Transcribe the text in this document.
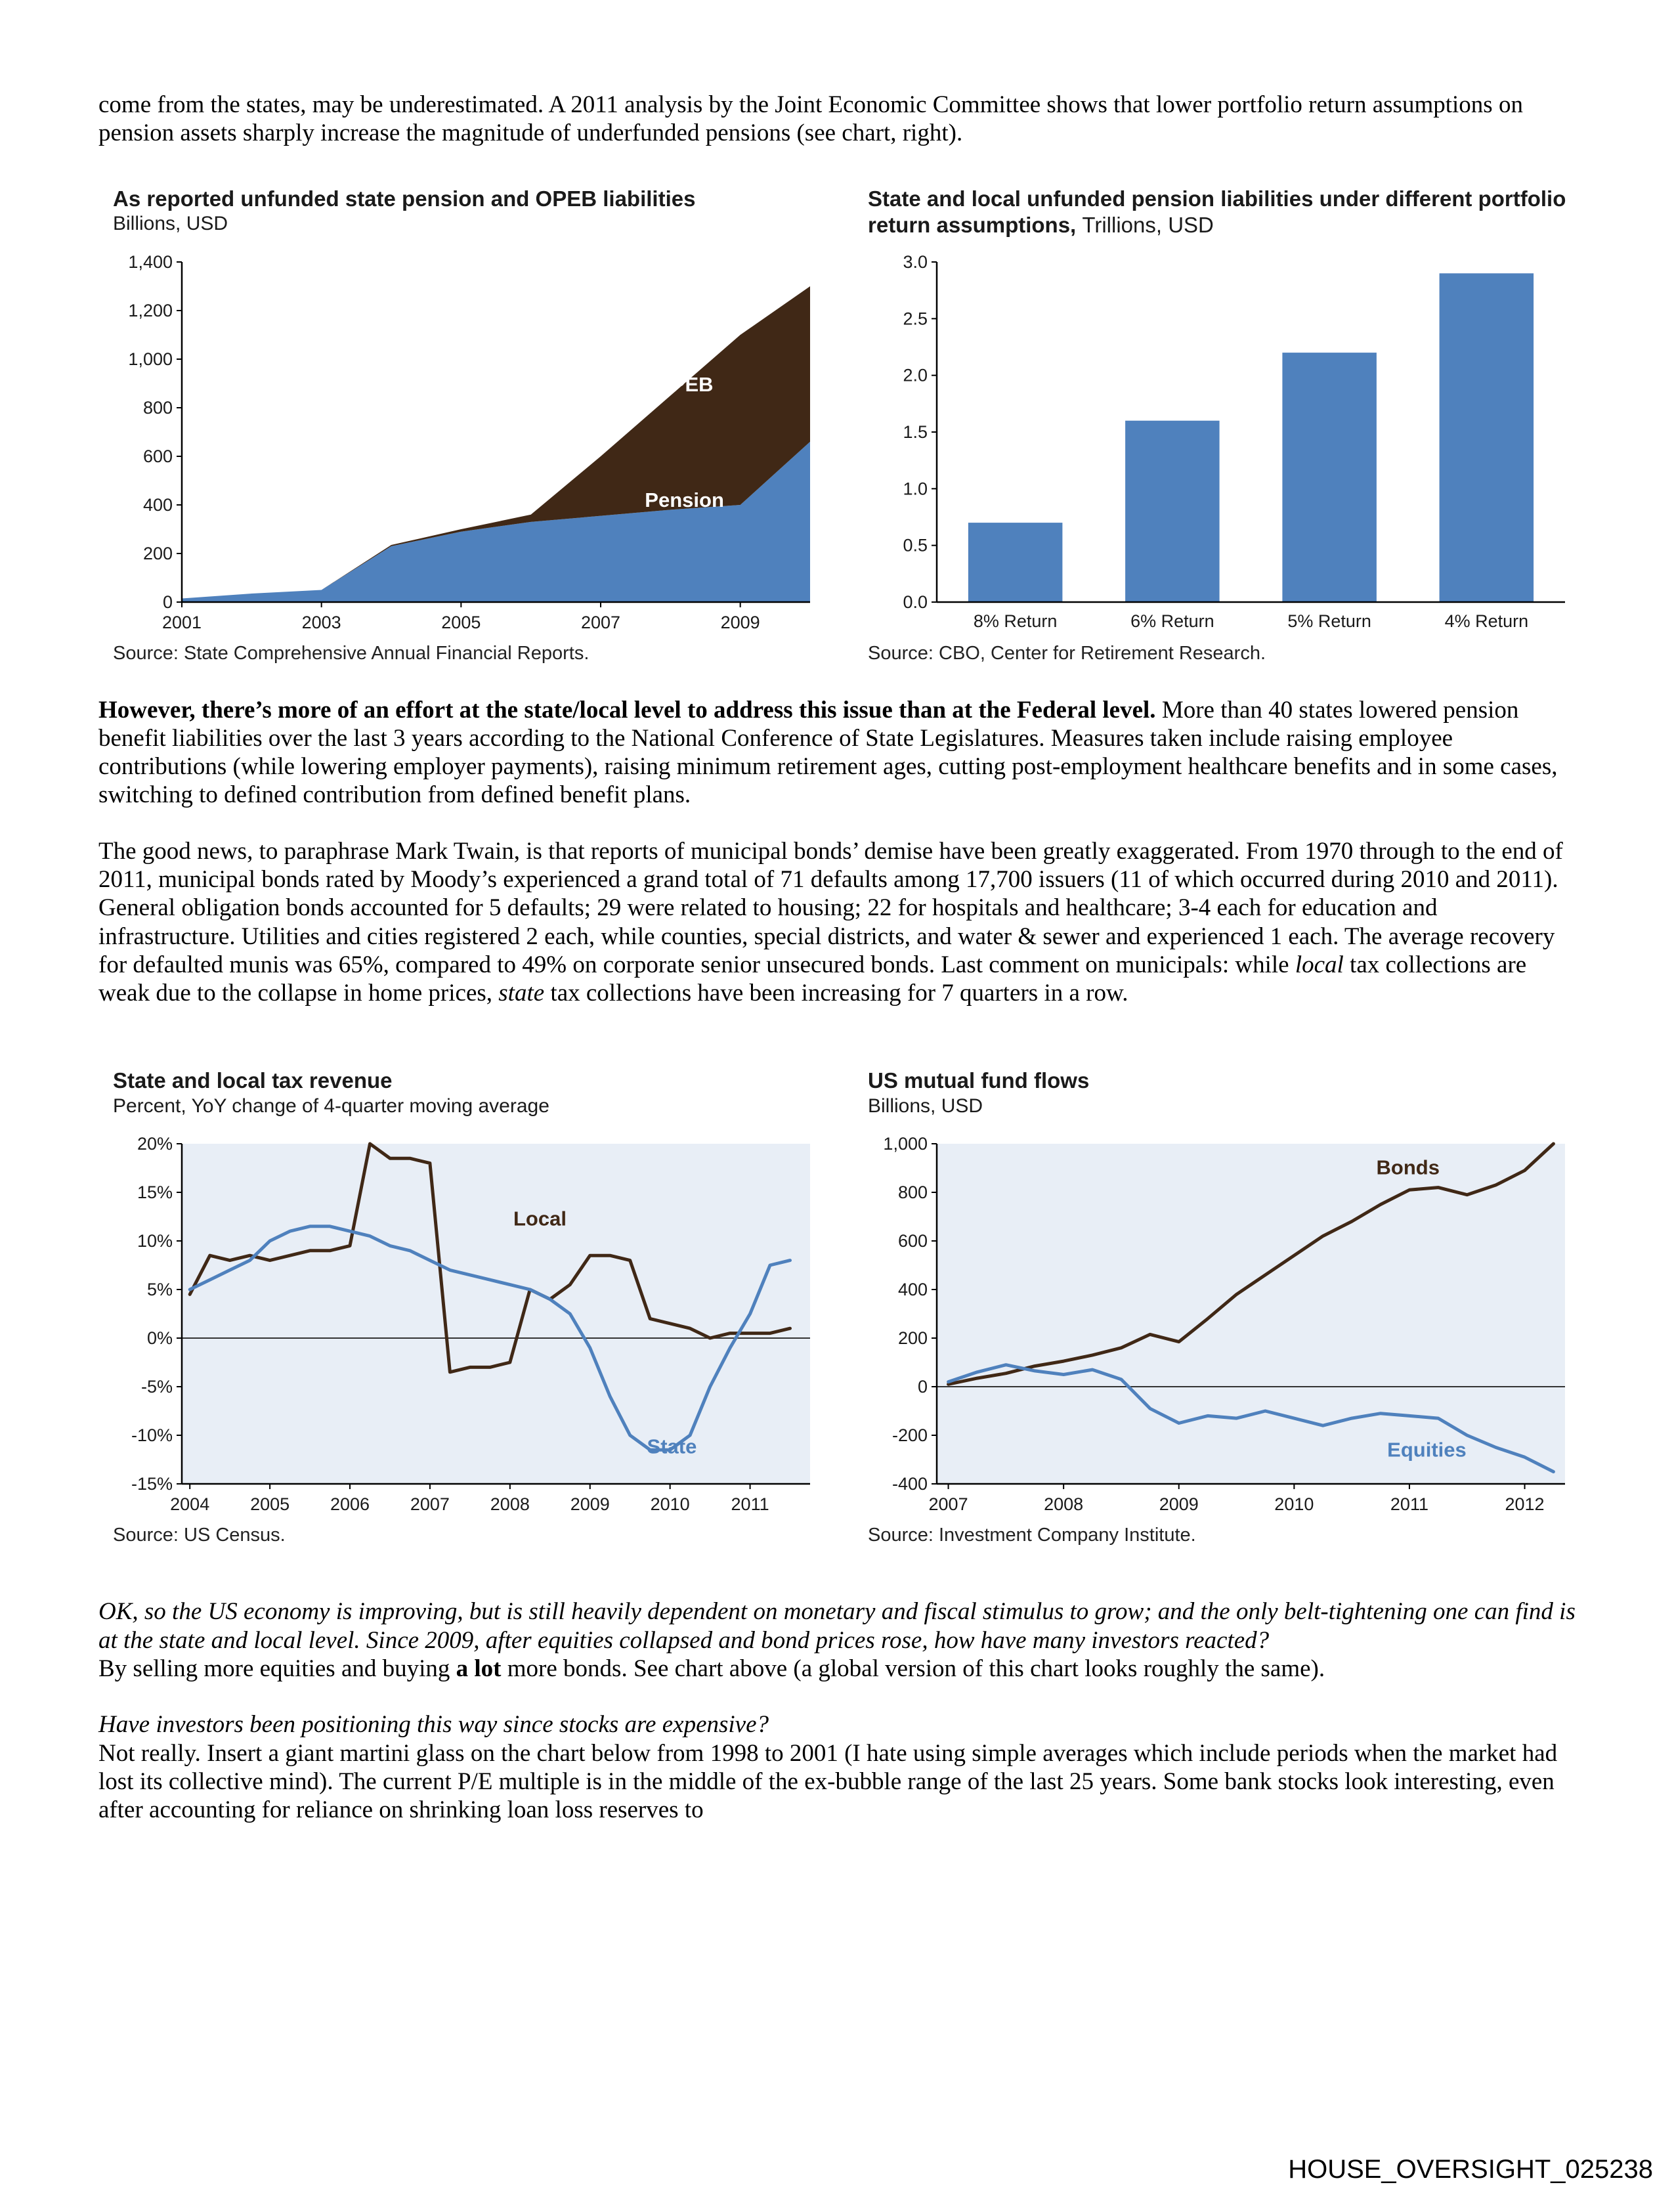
come from the states, may be underestimated. A 2011 analysis by the Joint Economic Committee shows that lower portfolio return assumptions on pension assets sharply increase the magnitude of underfunded pensions (see chart, right).

As reported unfunded state pension and OPEB liabilities
Billions, USD
0
200
400
600
800
1,000
1,200
1,400
2001	2003	2005	2007	2009
OPEB
Pension
Source: State Comprehensive Annual Financial Reports.
State and local unfunded pension liabilities under different portfolio return assumptions, Trillions, USD
0.0
0.5
1.0
1.5
2.0
2.5
3.0
8% Return	6% Return	5% Return	4% Return
Source: CBO, Center for Retirement Research.

However, there’s more of an effort at the state/local level to address this issue than at the Federal level. More than 40 states lowered pension benefit liabilities over the last 3 years according to the National Conference of State Legislatures. Measures taken include raising employee contributions (while lowering employer payments), raising minimum retirement ages, cutting post-employment healthcare benefits and in some cases, switching to defined contribution from defined benefit plans.

The good news, to paraphrase Mark Twain, is that reports of municipal bonds’ demise have been greatly exaggerated. From 1970 through to the end of 2011, municipal bonds rated by Moody’s experienced a grand total of 71 defaults among 17,700 issuers (11 of which occurred during 2010 and 2011). General obligation bonds accounted for 5 defaults; 29 were related to housing; 22 for hospitals and healthcare; 3-4 each for education and infrastructure. Utilities and cities registered 2 each, while counties, special districts, and water & sewer and experienced 1 each. The average recovery for defaulted munis was 65%, compared to 49% on corporate senior unsecured bonds. Last comment on municipals: while local tax collections are weak due to the collapse in home prices, state tax collections have been increasing for 7 quarters in a row.

State and local tax revenue
Percent, YoY change of 4-quarter moving average
-15%
-10%
-5%
0%
5%
10%
15%
20%
2004 2005 2006 2007 2008 2009 2010 2011
Local
State
Source: US Census.
US mutual fund flows
Billions, USD
-400
-200
0
200
400
600
800
1,000
2007	2008	2009	2010	2011	2012
Bonds
Equities
Source: Investment Company Institute.

OK, so the US economy is improving, but is still heavily dependent on monetary and fiscal stimulus to grow; and the only belt-tightening one can find is at the state and local level. Since 2009, after equities collapsed and bond prices rose, how have many investors reacted?

By selling more equities and buying a lot more bonds. See chart above (a global version of this chart looks roughly the same).

Have investors been positioning this way since stocks are expensive?

Not really. Insert a giant martini glass on the chart below from 1998 to 2001 (I hate using simple averages which include periods when the market had lost its collective mind). The current P/E multiple is in the middle of the ex-bubble range of the last 25 years. Some bank stocks look interesting, even after accounting for reliance on shrinking loan loss reserves to

HOUSE_OVERSIGHT_025238
